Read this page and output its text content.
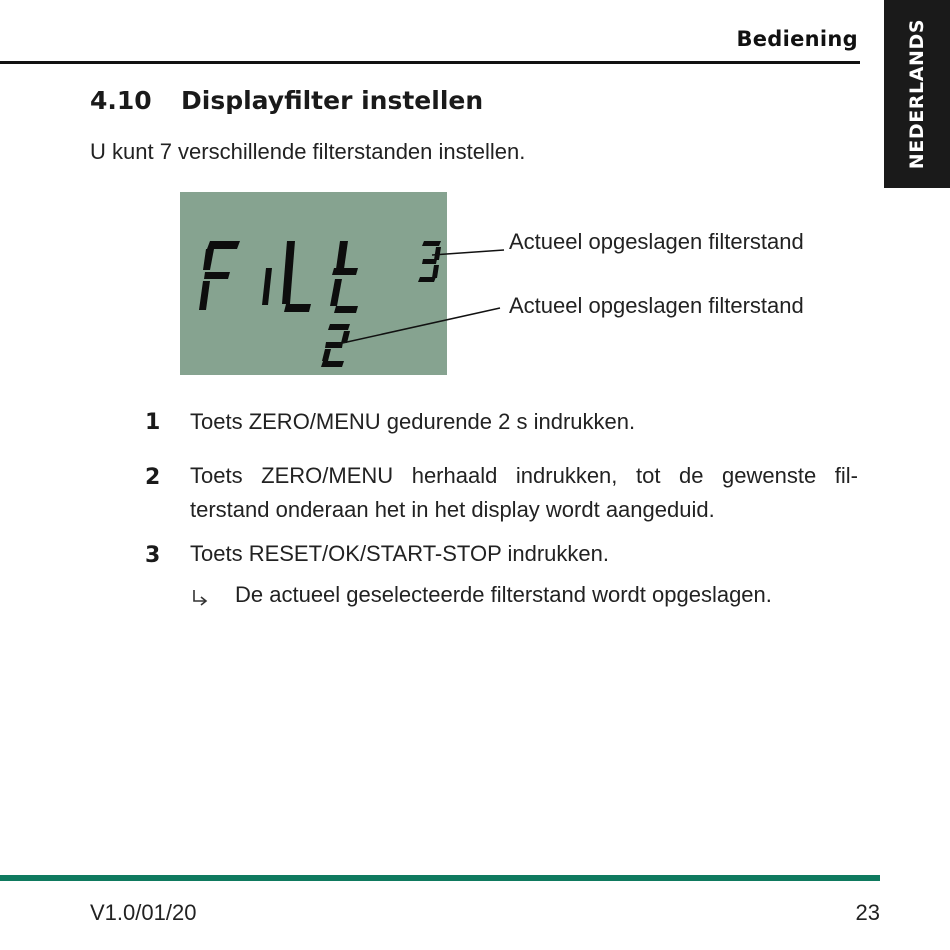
Bediening	NEDERLANDS
4.10 Displayfilter instellen
U kunt 7 verschillende filterstanden instellen.
Actueel opgeslagen filterstand
Actueel opgeslagen filterstand
1 Toets ZERO/MENU gedurende 2 s indrukken.
2 Toets ZERO/MENU herhaald indrukken, tot de gewenste fil-
terstand onderaan het in het display wordt aangeduid.
3 Toets RESET/OK/START-STOP indrukken.
De actueel geselecteerde filterstand wordt opgeslagen.
V1.0/01/20	23
